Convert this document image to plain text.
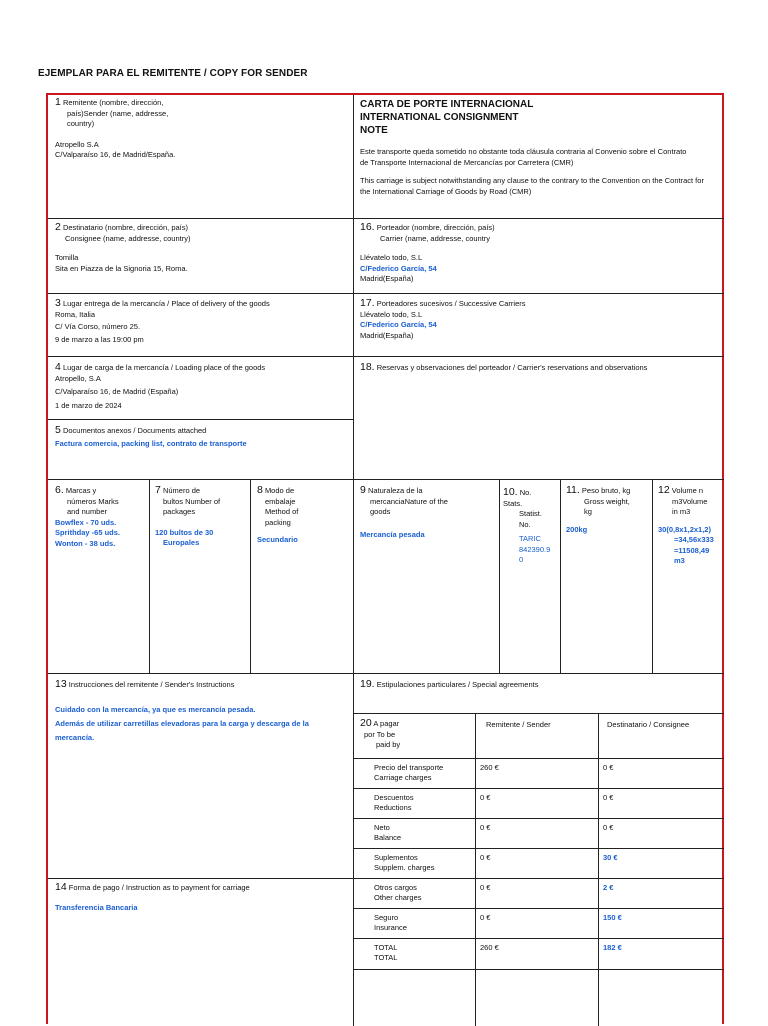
EJEMPLAR PARA EL REMITENTE / COPY FOR SENDER
1 Remitente (nombre, dirección,
país)Sender (name, addresse,
country)
Atropello S.A
C/Valparaíso 16, de Madrid/España.
CARTA DE PORTE INTERNACIONAL
INTERNATIONAL CONSIGNMENT
NOTE
Este transporte queda sometido no obstante toda cláusula contraria al Convenio sobre el Contrato de Transporte Internacional de Mercancías por Carretera (CMR)
This carriage is subject notwithstanding any clause to the contrary to the Convention on the Contract for the International Carriage of Goods by Road (CMR)
2 Destinatario (nombre, dirección, país)
Consignee (name, addresse, country)
Tomilla
Sita en Piazza de la Signoria 15, Roma.
16. Porteador (nombre, dirección, país)
Carrier (name, addresse, country
Llévatelo todo, S.L
C/Federico García, 54
Madrid(España)
3 Lugar entrega de la mercancía / Place of delivery of the goods
Roma, Italia
C/ Vía Corso, número 25.
9 de marzo a las 19:00 pm
17. Porteadores sucesivos / Successive Carriers
Llévatelo todo, S.L
C/Federico García, 54
Madrid(España)
4 Lugar de carga de la mercancía / Loading place of the goods
Atropello, S.A
C/Valparaíso 16, de Madrid (España)
1 de marzo de 2024
18. Reservas y observaciones del porteador / Carrier's reservations and observations
5 Documentos anexos / Documents attached
Factura comercia, packing list, contrato de transporte
6. Marcas y
números Marks
and number
Bowflex - 70 uds.
Sprithday -65 uds.
Wonton - 38 uds.
7 Número de
bultos Number of
packages
120 bultos de 30
Europales
8 Modo de
embalaje
Method of
packing
Secundario
9 Naturaleza de la
mercanciaNature of the
goods
Mercancía pesada
10. No.
Stats.
Statist.
No.
TARIC
842390.9
0
11. Peso bruto, kg
Gross weight,
kg
200kg
12 Volume n
m3Volume
in m3
30(0,8x1,2x1,2)
=34,56x333
=11508,49
m3
13 Instrucciones del remitente / Sender's Instructions
Cuidado con la mercancía, ya que es mercancía pesada.
Además de utilizar carretillas elevadoras para la carga y descarga de la
mercancía.
19. Estipulaciones particulares / Special agreements
20 A pagar
por To be
paid by
Remitente / Sender	Destinatario / Consignee
Precio del transporte
Carriage charges
260 €	0 €
Descuentos
Reductions
0 €	0 €
Neto
Balance
0 €	0 €
Suplementos
Supplem. charges
0 €	30 €
Otros cargos
Other charges
0 €	2 €
Seguro
Insurance
0 €	150 €
TOTAL
TOTAL
260 €	182 €
14 Forma de pago / Instruction as to payment for carriage
Transferencia Bancaria
